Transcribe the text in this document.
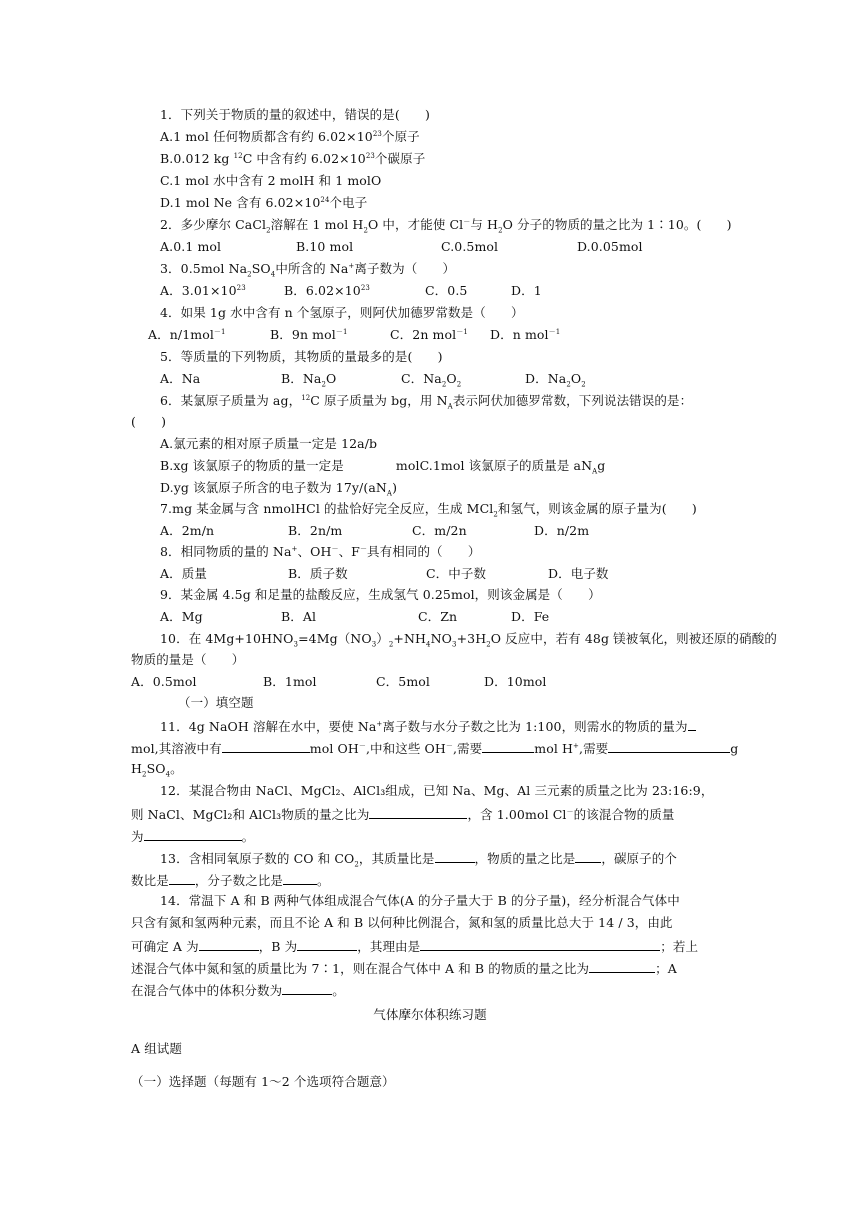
1．下列关于物质的量的叙述中，错误的是(　　)
A.1 mol 任何物质都含有约 $6.02\times 10^{23}$个原子
B.0.012 kg $^{12}$C 中含有约 $6.02\times 10^{23}$个碳原子
C.1 mol 水中含有 2 molH 和 1 molO
D.1 mol Ne 含有 $6.02\times 10^{24}$个电子
2．多少摩尔 CaCl$_2$溶解在 1 mol $H_2O$ 中，才能使 Cl－与 $H_2O$ 分子的物质的量之比为 1∶10。(　　)
A.0.1 mol	B.10 mol	C.0.5mol	D.0.05mol
3．0.5mol $Na_2SO_4$中所含的 Na+离子数为（　　）
A．$3.01\times 10^{23}$	B．$6.02\times 10^{23}$	C．0.5	D．1
4．如果 1g 水中含有 n 个氢原子，则阿伏加德罗常数是（　　）
A．n/1mol$^{-1}$	B．9n mol$^{-1}$	C．2n mol$^{-1}$ D．n mol$^{-1}$
5．等质量的下列物质，其物质的量最多的是(　　)
A．Na	B．$Na_2O$	C．$Na_2O_2$	D．$Na_2O_2$
6．某氯原子质量为 ag，$^{12}$C 原子质量为 bg，用 $N_A$表示阿伏加德罗常数，下列说法错误的是：
(　　)
A.氯元素的相对原子质量一定是 12a/b
B.xg 该氯原子的物质的量一定是	molC.1mol 该氯原子的质量是 $aN_Ag$
D.yg 该氯原子所含的电子数为 $17y/(aN_A)$
7.mg 某金属与含 nmolHCl 的盐恰好完全反应，生成 MCl$_2$和氢气，则该金属的原子量为(　　)
A．2m/n	B．2n/m	C．m/2n	D．n/2m
8．相同物质的量的 Na+、OH－、F－具有相同的（　　）
A．质量	B．质子数	C．中子数	D．电子数
9．某金属 4.5g 和足量的盐酸反应，生成氢气 0.25mol，则该金属是（　　）
A．Mg	B．Al	C．Zn	D．Fe
10．在 $4Mg+10HNO_3=4Mg(NO_3)_2+NH_4NO_3+3H_2O$ 反应中，若有 48g 镁被氧化，则被还原的硝酸的
物质的量是（　　）
A．0.5mol	B．1mol	C．5mol	D．10mol
（一）填空题
11．4g NaOH 溶解在水中，要使 Na+离子数与水分子数之比为 1:100，则需水的物质的量为
mol,其溶液中有	mol OH－,中和这些 OH－,需要	mol H+,需要	g
$H_2SO_4$。
12．某混合物由 NaCl、MgCl₂、AlCl₃组成，已知 Na、Mg、Al 三元素的质量之比为 23:16:9，
则 NaCl、MgCl₂和 AlCl₃物质的量之比为	，含 1.00mol Cl－的该混合物的质量
为	。
13．含相同氧原子数的 CO 和 $CO_2$，其质量比是	，物质的量之比是 ，碳原子的个
数比是 ，分子数之比是	。
14．常温下 A 和 B 两种气体组成混合气体(A 的分子量大于 B 的分子量)，经分析混合气体中
只含有氮和氢两种元素，而且不论 A 和 B 以何种比例混合，氮和氢的质量比总大于 14 / 3，由此
可确定 A 为	，B 为	，其理由是	；若上
述混合气体中氮和氢的质量比为 7∶1，则在混合气体中 A 和 B 的物质的量之比为	；A
在混合气体中的体积分数为	。
气体摩尔体积练习题
A 组试题
（一）选择题（每题有 1～2 个选项符合题意）
